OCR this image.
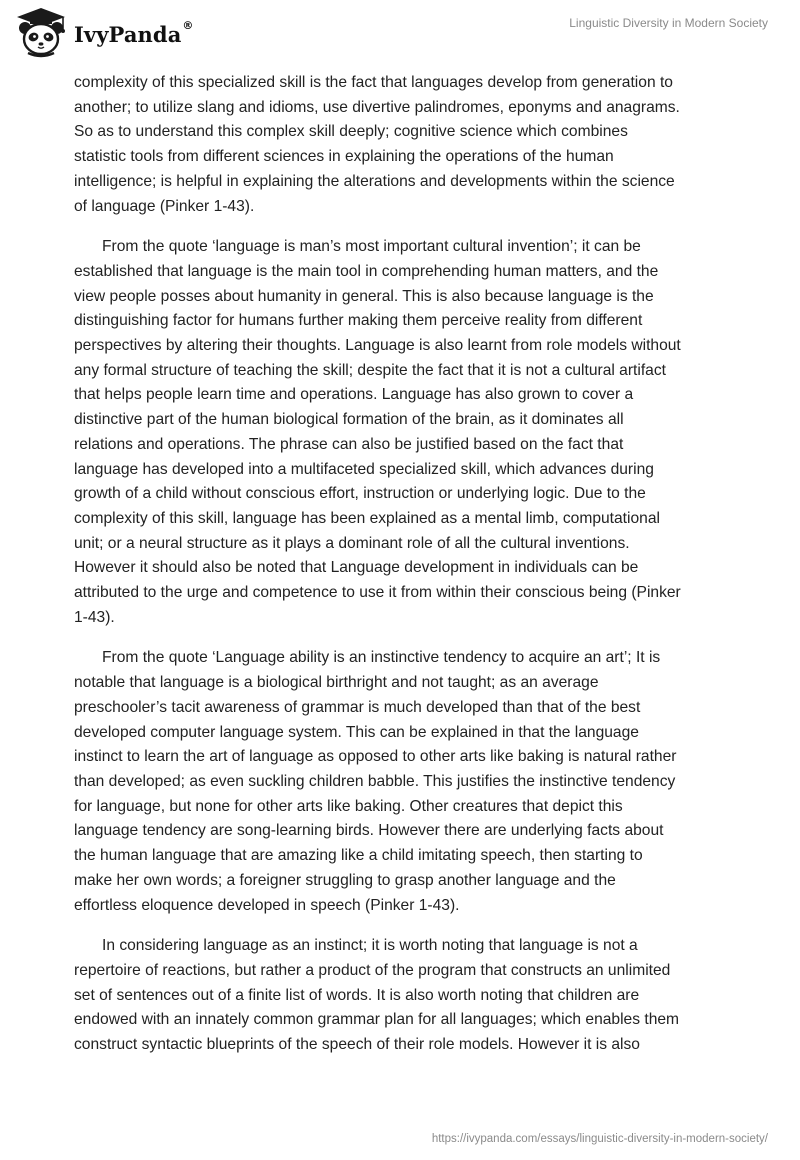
IvyPanda®	Linguistic Diversity in Modern Society

complexity of this specialized skill is the fact that languages develop from generation to
another; to utilize slang and idioms, use divertive palindromes, eponyms and anagrams.
So as to understand this complex skill deeply; cognitive science which combines
statistic tools from different sciences in explaining the operations of the human
intelligence; is helpful in explaining the alterations and developments within the science
of language (Pinker 1-43).

From the quote ‘language is man’s most important cultural invention’; it can be
established that language is the main tool in comprehending human matters, and the
view people posses about humanity in general. This is also because language is the
distinguishing factor for humans further making them perceive reality from different
perspectives by altering their thoughts. Language is also learnt from role models without
any formal structure of teaching the skill; despite the fact that it is not a cultural artifact
that helps people learn time and operations. Language has also grown to cover a
distinctive part of the human biological formation of the brain, as it dominates all
relations and operations. The phrase can also be justified based on the fact that
language has developed into a multifaceted specialized skill, which advances during
growth of a child without conscious effort, instruction or underlying logic. Due to the
complexity of this skill, language has been explained as a mental limb, computational
unit; or a neural structure as it plays a dominant role of all the cultural inventions.
However it should also be noted that Language development in individuals can be
attributed to the urge and competence to use it from within their conscious being (Pinker
1-43).

From the quote ‘Language ability is an instinctive tendency to acquire an art’; It is
notable that language is a biological birthright and not taught; as an average
preschooler’s tacit awareness of grammar is much developed than that of the best
developed computer language system. This can be explained in that the language
instinct to learn the art of language as opposed to other arts like baking is natural rather
than developed; as even suckling children babble. This justifies the instinctive tendency
for language, but none for other arts like baking. Other creatures that depict this
language tendency are song-learning birds. However there are underlying facts about
the human language that are amazing like a child imitating speech, then starting to
make her own words; a foreigner struggling to grasp another language and the
effortless eloquence developed in speech (Pinker 1-43).

In considering language as an instinct; it is worth noting that language is not a
repertoire of reactions, but rather a product of the program that constructs an unlimited
set of sentences out of a finite list of words. It is also worth noting that children are
endowed with an innately common grammar plan for all languages; which enables them
construct syntactic blueprints of the speech of their role models. However it is also

https://ivypanda.com/essays/linguistic-diversity-in-modern-society/
